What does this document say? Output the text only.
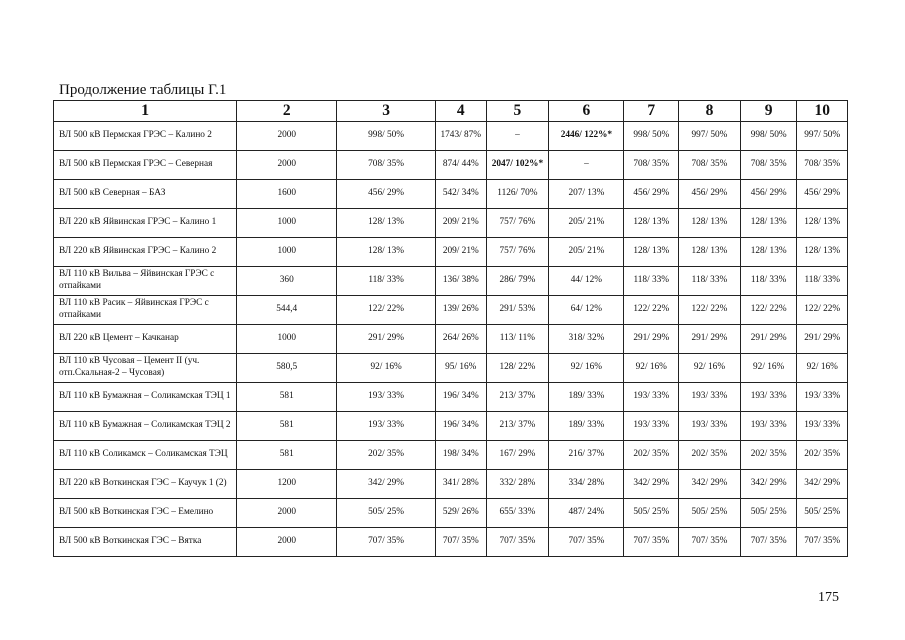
Продолжение таблицы Г.1
1	2	3	4	5	6	7	8	9	10
ВЛ 500 кВ Пермская ГРЭС – Калино 2	2000	998/ 50%	1743/ 87%	–	2446/ 122%*	998/ 50%	997/ 50%	998/ 50%	997/ 50%
ВЛ 500 кВ Пермская ГРЭС – Северная	2000	708/ 35%	874/ 44%	2047/ 102%*	–	708/ 35%	708/ 35%	708/ 35%	708/ 35%
ВЛ 500 кВ Северная – БАЗ	1600	456/ 29%	542/ 34%	1126/ 70%	207/ 13%	456/ 29%	456/ 29%	456/ 29%	456/ 29%
ВЛ 220 кВ Яйвинская ГРЭС – Калино 1	1000	128/ 13%	209/ 21%	757/ 76%	205/ 21%	128/ 13%	128/ 13%	128/ 13%	128/ 13%
ВЛ 220 кВ Яйвинская ГРЭС – Калино 2	1000	128/ 13%	209/ 21%	757/ 76%	205/ 21%	128/ 13%	128/ 13%	128/ 13%	128/ 13%
ВЛ 110 кВ Вильва – Яйвинская ГРЭС с отпайками	360	118/ 33%	136/ 38%	286/ 79%	44/ 12%	118/ 33%	118/ 33%	118/ 33%	118/ 33%
ВЛ 110 кВ Расик – Яйвинская ГРЭС с отпайками	544,4	122/ 22%	139/ 26%	291/ 53%	64/ 12%	122/ 22%	122/ 22%	122/ 22%	122/ 22%
ВЛ 220 кВ Цемент – Качканар	1000	291/ 29%	264/ 26%	113/ 11%	318/ 32%	291/ 29%	291/ 29%	291/ 29%	291/ 29%
ВЛ 110 кВ Чусовая – Цемент II (уч. отп.Скальная-2 – Чусовая)	580,5	92/ 16%	95/ 16%	128/ 22%	92/ 16%	92/ 16%	92/ 16%	92/ 16%	92/ 16%
ВЛ 110 кВ Бумажная – Соликамская ТЭЦ 1	581	193/ 33%	196/ 34%	213/ 37%	189/ 33%	193/ 33%	193/ 33%	193/ 33%	193/ 33%
ВЛ 110 кВ Бумажная – Соликамская ТЭЦ 2	581	193/ 33%	196/ 34%	213/ 37%	189/ 33%	193/ 33%	193/ 33%	193/ 33%	193/ 33%
ВЛ 110 кВ Соликамск – Соликамская ТЭЦ	581	202/ 35%	198/ 34%	167/ 29%	216/ 37%	202/ 35%	202/ 35%	202/ 35%	202/ 35%
ВЛ 220 кВ Воткинская ГЭС – Каучук 1 (2)	1200	342/ 29%	341/ 28%	332/ 28%	334/ 28%	342/ 29%	342/ 29%	342/ 29%	342/ 29%
ВЛ 500 кВ Воткинская ГЭС – Емелино	2000	505/ 25%	529/ 26%	655/ 33%	487/ 24%	505/ 25%	505/ 25%	505/ 25%	505/ 25%
ВЛ 500 кВ Воткинская ГЭС – Вятка	2000	707/ 35%	707/ 35%	707/ 35%	707/ 35%	707/ 35%	707/ 35%	707/ 35%	707/ 35%
175
